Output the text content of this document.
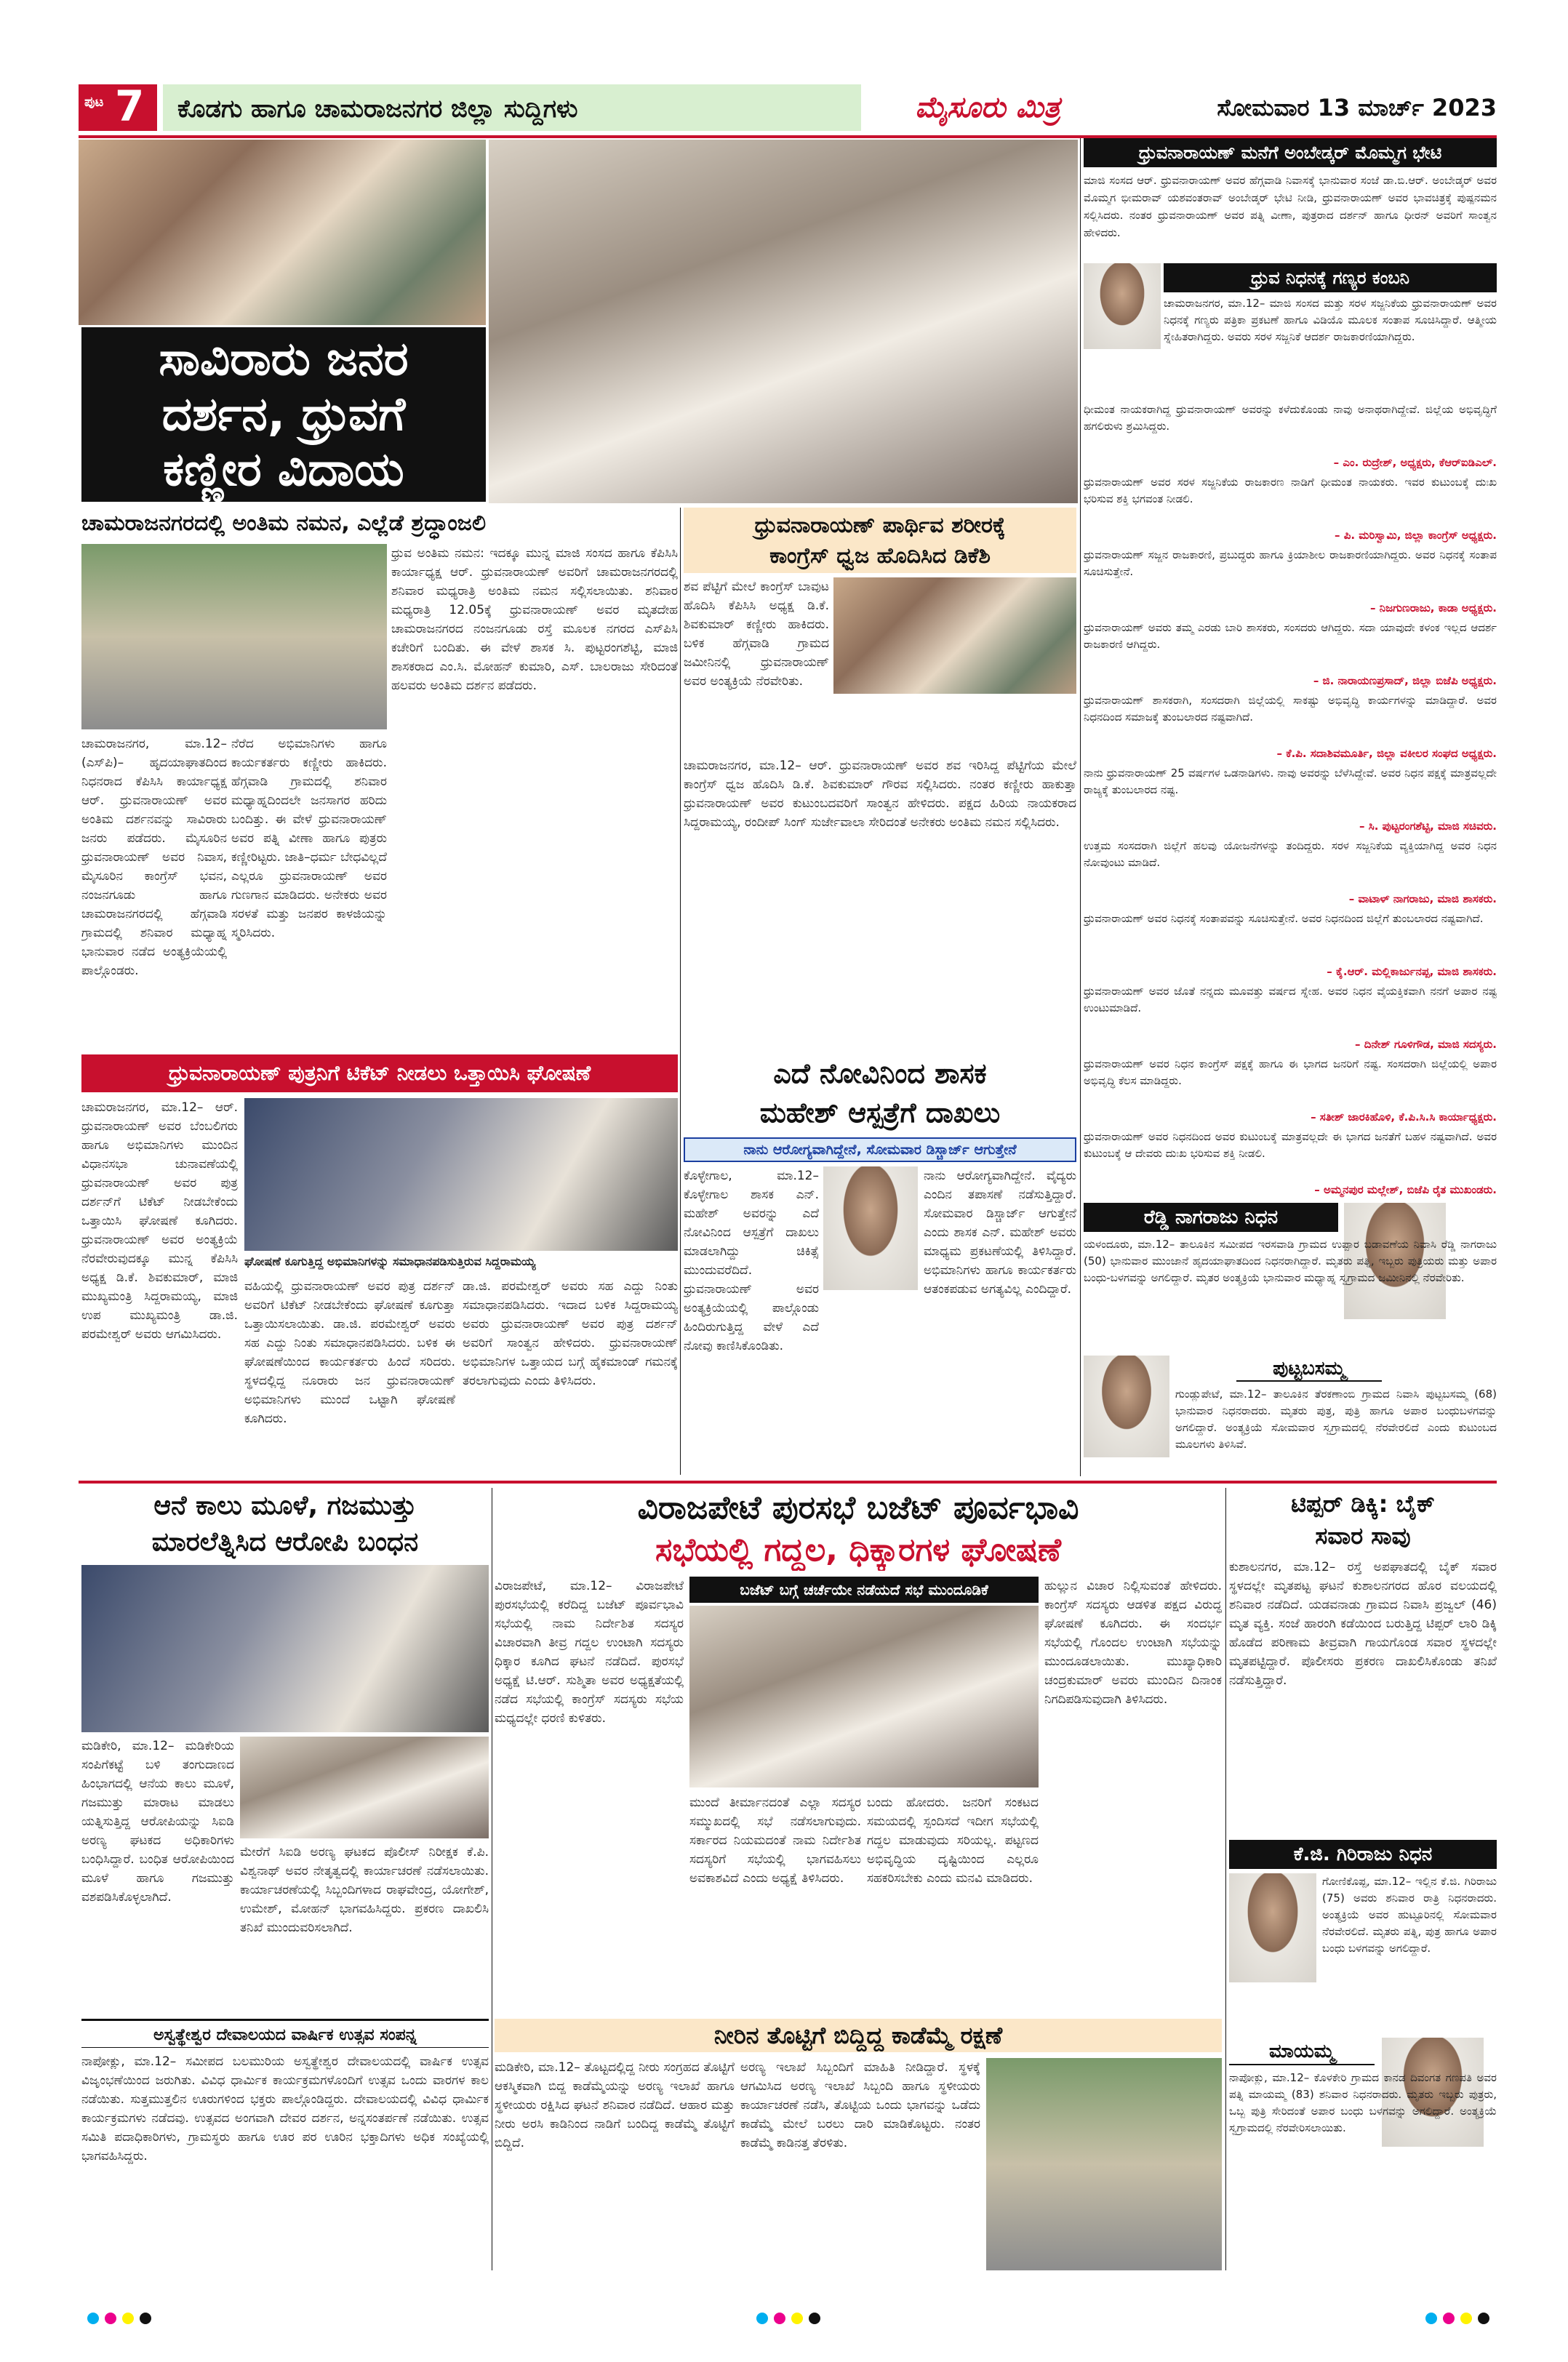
ಪುಟ 7 ಕೊಡಗು ಹಾಗೂ ಚಾಮರಾಜನಗರ ಜಿಲ್ಲಾ ಸುದ್ದಿಗಳು	ಮೈಸೂರು ಮಿತ್ರ	ಸೋಮವಾರ 13 ಮಾರ್ಚ್ 2023
ಸಾವಿರಾರು ಜನರ
ದರ್ಶನ, ಧ್ರುವಗೆ
ಕಣ್ಣೀರ ವಿದಾಯ
ಚಾಮರಾಜನಗರದಲ್ಲಿ ಅಂತಿಮ ನಮನ, ಎಲ್ಲೆಡೆ ಶ್ರದ್ಧಾಂಜಲಿ
ಧ್ರುವ ಅಂತಿಮ ನಮನ: ಇದಕ್ಕೂ ಮುನ್ನ ಮಾಜಿ ಸಂಸದ ಹಾಗೂ ಕೆಪಿಸಿಸಿ ಕಾರ್ಯಾಧ್ಯಕ್ಷ ಆರ್. ಧ್ರುವನಾರಾಯಣ್ ಅವರಿಗೆ ಚಾಮರಾಜನಗರದಲ್ಲಿ ಶನಿವಾರ ಮಧ್ಯರಾತ್ರಿ ಅಂತಿಮ ನಮನ ಸಲ್ಲಿಸಲಾಯಿತು. ಶನಿವಾರ ಮಧ್ಯರಾತ್ರಿ 12.05ಕ್ಕೆ ಧ್ರುವನಾರಾಯಣ್ ಅವರ ಮೃತದೇಹ ಚಾಮರಾಜನಗರದ ನಂಜನಗೂಡು ರಸ್ತೆ ಮೂಲಕ ನಗರದ ಎಸ್‌ಪಿಸಿ ಕಚೇರಿಗೆ ಬಂದಿತು. ಈ ವೇಳೆ ಶಾಸಕ ಸಿ. ಪುಟ್ಟರಂಗಶೆಟ್ಟಿ, ಮಾಜಿ ಶಾಸಕರಾದ ಎಂ.ಸಿ. ಮೋಹನ್ ಕುಮಾರಿ, ಎಸ್. ಬಾಲರಾಜು ಸೇರಿದಂತೆ ಹಲವರು ಅಂತಿಮ ದರ್ಶನ ಪಡೆದರು.
ಚಾಮರಾಜನಗರ, ಮಾ.12–(ಎಸ್‌ಪಿ)– ಹೃದಯಾಘಾತದಿಂದ ನಿಧನರಾದ ಕೆಪಿಸಿಸಿ ಕಾರ್ಯಾಧ್ಯಕ್ಷ ಆರ್. ಧ್ರುವನಾರಾಯಣ್ ಅವರ ಅಂತಿಮ ದರ್ಶನವನ್ನು ಸಾವಿರಾರು ಜನರು ಪಡೆದರು. ಮೈಸೂರಿನ ಧ್ರುವನಾರಾಯಣ್ ಅವರ ನಿವಾಸ, ಮೈಸೂರಿನ ಕಾಂಗ್ರೆಸ್ ಭವನ, ನಂಜನಗೂಡು ಹಾಗೂ ಚಾಮರಾಜನಗರದಲ್ಲಿ ಹೆಗ್ಗವಾಡಿ ಗ್ರಾಮದಲ್ಲಿ ಶನಿವಾರ ಮಧ್ಯಾಹ್ನ ಭಾನುವಾರ ನಡೆದ ಅಂತ್ಯಕ್ರಿಯೆಯಲ್ಲಿ ಪಾಲ್ಗೊಂಡರು.
ನೆರೆದ ಅಭಿಮಾನಿಗಳು ಹಾಗೂ ಕಾರ್ಯಕರ್ತರು ಕಣ್ಣೀರು ಹಾಕಿದರು. ಹೆಗ್ಗವಾಡಿ ಗ್ರಾಮದಲ್ಲಿ ಶನಿವಾರ ಮಧ್ಯಾಹ್ನದಿಂದಲೇ ಜನಸಾಗರ ಹರಿದು ಬಂದಿತ್ತು. ಈ ವೇಳೆ ಧ್ರುವನಾರಾಯಣ್ ಅವರ ಪತ್ನಿ ವೀಣಾ ಹಾಗೂ ಪುತ್ರರು ಕಣ್ಣೀರಿಟ್ಟರು. ಜಾತಿ–ಧರ್ಮ ಬೇಧವಿಲ್ಲದೆ ಎಲ್ಲರೂ ಧ್ರುವನಾರಾಯಣ್ ಅವರ ಗುಣಗಾನ ಮಾಡಿದರು. ಅನೇಕರು ಅವರ ಸರಳತೆ ಮತ್ತು ಜನಪರ ಕಾಳಜಿಯನ್ನು ಸ್ಮರಿಸಿದರು.
ಧ್ರುವನಾರಾಯಣ್ ಪಾರ್ಥಿವ ಶರೀರಕ್ಕೆ
ಕಾಂಗ್ರೆಸ್ ಧ್ವಜ ಹೊದಿಸಿದ ಡಿಕೆಶಿ
ಶವ ಪೆಟ್ಟಿಗೆ ಮೇಲೆ ಕಾಂಗ್ರೆಸ್ ಬಾವುಟ ಹೊದಿಸಿ ಕೆಪಿಸಿಸಿ ಅಧ್ಯಕ್ಷ ಡಿ.ಕೆ. ಶಿವಕುಮಾರ್ ಕಣ್ಣೀರು ಹಾಕಿದರು. ಬಳಿಕ ಹೆಗ್ಗವಾಡಿ ಗ್ರಾಮದ ಜಮೀನಿನಲ್ಲಿ ಧ್ರುವನಾರಾಯಣ್ ಅವರ ಅಂತ್ಯಕ್ರಿಯೆ ನೆರವೇರಿತು.
ಚಾಮರಾಜನಗರ, ಮಾ.12– ಆರ್. ಧ್ರುವನಾರಾಯಣ್ ಅವರ ಶವ ಇರಿಸಿದ್ದ ಪೆಟ್ಟಿಗೆಯ ಮೇಲೆ ಕಾಂಗ್ರೆಸ್ ಧ್ವಜ ಹೊದಿಸಿ ಡಿ.ಕೆ. ಶಿವಕುಮಾರ್ ಗೌರವ ಸಲ್ಲಿಸಿದರು. ನಂತರ ಕಣ್ಣೀರು ಹಾಕುತ್ತಾ ಧ್ರುವನಾರಾಯಣ್ ಅವರ ಕುಟುಂಬದವರಿಗೆ ಸಾಂತ್ವನ ಹೇಳಿದರು. ಪಕ್ಷದ ಹಿರಿಯ ನಾಯಕರಾದ ಸಿದ್ದರಾಮಯ್ಯ, ರಂದೀಪ್ ಸಿಂಗ್ ಸುರ್ಜೇವಾಲಾ ಸೇರಿದಂತೆ ಅನೇಕರು ಅಂತಿಮ ನಮನ ಸಲ್ಲಿಸಿದರು.
ಧ್ರುವನಾರಾಯಣ್ ಪುತ್ರನಿಗೆ ಟಿಕೆಟ್ ನೀಡಲು ಒತ್ತಾಯಿಸಿ ಘೋಷಣೆ
ಚಾಮರಾಜನಗರ, ಮಾ.12– ಆರ್. ಧ್ರುವನಾರಾಯಣ್ ಅವರ ಬೆಂಬಲಿಗರು ಹಾಗೂ ಅಭಿಮಾನಿಗಳು ಮುಂದಿನ ವಿಧಾನಸಭಾ ಚುನಾವಣೆಯಲ್ಲಿ ಧ್ರುವನಾರಾಯಣ್ ಅವರ ಪುತ್ರ ದರ್ಶನ್‌ಗೆ ಟಿಕೆಟ್ ನೀಡಬೇಕೆಂದು ಒತ್ತಾಯಿಸಿ ಘೋಷಣೆ ಕೂಗಿದರು. ಧ್ರುವನಾರಾಯಣ್ ಅವರ ಅಂತ್ಯಕ್ರಿಯೆ ನೆರವೇರುವುದಕ್ಕೂ ಮುನ್ನ ಕೆಪಿಸಿಸಿ ಅಧ್ಯಕ್ಷ ಡಿ.ಕೆ. ಶಿವಕುಮಾರ್, ಮಾಜಿ ಮುಖ್ಯಮಂತ್ರಿ ಸಿದ್ದರಾಮಯ್ಯ, ಮಾಜಿ ಉಪ ಮುಖ್ಯಮಂತ್ರಿ ಡಾ.ಜಿ. ಪರಮೇಶ್ವರ್ ಅವರು ಆಗಮಿಸಿದರು.
ಘೋಷಣೆ ಕೂಗುತ್ತಿದ್ದ ಅಭಿಮಾನಿಗಳನ್ನು ಸಮಾಧಾನಪಡಿಸುತ್ತಿರುವ ಸಿದ್ದರಾಮಯ್ಯ
ವಹಿಯಲ್ಲಿ ಧ್ರುವನಾರಾಯಣ್ ಅವರ ಪುತ್ರ ದರ್ಶನ್ ಅವರಿಗೆ ಟಿಕೆಟ್ ನೀಡಬೇಕೆಂದು ಘೋಷಣೆ ಕೂಗುತ್ತಾ ಒತ್ತಾಯಿಸಲಾಯಿತು. ಡಾ.ಜಿ. ಪರಮೇಶ್ವರ್ ಅವರು ಸಹ ಎದ್ದು ನಿಂತು ಸಮಾಧಾನಪಡಿಸಿದರು. ಬಳಿಕ ಈ ಘೋಷಣೆಯಿಂದ ಕಾರ್ಯಕರ್ತರು ಹಿಂದೆ ಸರಿದರು. ಸ್ಥಳದಲ್ಲಿದ್ದ ನೂರಾರು ಜನ ಧ್ರುವನಾರಾಯಣ್ ಅಭಿಮಾನಿಗಳು ಮುಂದೆ ಒಟ್ಟಾಗಿ ಘೋಷಣೆ ಕೂಗಿದರು.
ಡಾ.ಜಿ. ಪರಮೇಶ್ವರ್ ಅವರು ಸಹ ಎದ್ದು ನಿಂತು ಸಮಾಧಾನಪಡಿಸಿದರು. ಇದಾದ ಬಳಿಕ ಸಿದ್ದರಾಮಯ್ಯ ಅವರು ಧ್ರುವನಾರಾಯಣ್ ಅವರ ಪುತ್ರ ದರ್ಶನ್ ಅವರಿಗೆ ಸಾಂತ್ವನ ಹೇಳಿದರು. ಧ್ರುವನಾರಾಯಣ್ ಅಭಿಮಾನಿಗಳ ಒತ್ತಾಯದ ಬಗ್ಗೆ ಹೈಕಮಾಂಡ್ ಗಮನಕ್ಕೆ ತರಲಾಗುವುದು ಎಂದು ತಿಳಿಸಿದರು.
ಎದೆ ನೋವಿನಿಂದ ಶಾಸಕ
ಮಹೇಶ್ ಆಸ್ಪತ್ರೆಗೆ ದಾಖಲು
ನಾನು ಆರೋಗ್ಯವಾಗಿದ್ದೇನೆ, ಸೋಮವಾರ ಡಿಸ್ಚಾರ್ಜ್ ಆಗುತ್ತೇನೆ
ಕೊಳ್ಳೇಗಾಲ, ಮಾ.12– ಕೊಳ್ಳೇಗಾಲ ಶಾಸಕ ಎನ್. ಮಹೇಶ್ ಅವರನ್ನು ಎದೆ ನೋವಿನಿಂದ ಆಸ್ಪತ್ರೆಗೆ ದಾಖಲು ಮಾಡಲಾಗಿದ್ದು ಚಿಕಿತ್ಸೆ ಮುಂದುವರೆದಿದೆ. ಧ್ರುವನಾರಾಯಣ್ ಅವರ ಅಂತ್ಯಕ್ರಿಯೆಯಲ್ಲಿ ಪಾಲ್ಗೊಂಡು ಹಿಂದಿರುಗುತ್ತಿದ್ದ ವೇಳೆ ಎದೆ ನೋವು ಕಾಣಿಸಿಕೊಂಡಿತು.
ನಾನು ಆರೋಗ್ಯವಾಗಿದ್ದೇನೆ. ವೈದ್ಯರು ಎಂದಿನ ತಪಾಸಣೆ ನಡೆಸುತ್ತಿದ್ದಾರೆ. ಸೋಮವಾರ ಡಿಸ್ಚಾರ್ಜ್ ಆಗುತ್ತೇನೆ ಎಂದು ಶಾಸಕ ಎನ್. ಮಹೇಶ್ ಅವರು ಮಾಧ್ಯಮ ಪ್ರಕಟಣೆಯಲ್ಲಿ ತಿಳಿಸಿದ್ದಾರೆ. ಅಭಿಮಾನಿಗಳು ಹಾಗೂ ಕಾರ್ಯಕರ್ತರು ಆತಂಕಪಡುವ ಅಗತ್ಯವಿಲ್ಲ ಎಂದಿದ್ದಾರೆ.
ಧ್ರುವನಾರಾಯಣ್ ಮನೆಗೆ ಅಂಬೇಡ್ಕರ್ ಮೊಮ್ಮಗ ಭೇಟಿ
ಮಾಜಿ ಸಂಸದ ಆರ್. ಧ್ರುವನಾರಾಯಣ್ ಅವರ ಹೆಗ್ಗವಾಡಿ ನಿವಾಸಕ್ಕೆ ಭಾನುವಾರ ಸಂಜೆ ಡಾ.ಬಿ.ಆರ್. ಅಂಬೇಡ್ಕರ್ ಅವರ ಮೊಮ್ಮಗ ಭೀಮರಾವ್ ಯಶವಂತರಾವ್ ಅಂಬೇಡ್ಕರ್ ಭೇಟಿ ನೀಡಿ, ಧ್ರುವನಾರಾಯಣ್ ಅವರ ಭಾವಚಿತ್ರಕ್ಕೆ ಪುಷ್ಪನಮನ ಸಲ್ಲಿಸಿದರು. ನಂತರ ಧ್ರುವನಾರಾಯಣ್ ಅವರ ಪತ್ನಿ ವೀಣಾ, ಪುತ್ರರಾದ ದರ್ಶನ್ ಹಾಗೂ ಧೀರನ್ ಅವರಿಗೆ ಸಾಂತ್ವನ ಹೇಳಿದರು.
ಧ್ರುವ ನಿಧನಕ್ಕೆ ಗಣ್ಯರ ಕಂಬನಿ
ಚಾಮರಾಜನಗರ, ಮಾ.12– ಮಾಜಿ ಸಂಸದ ಮತ್ತು ಸರಳ ಸಜ್ಜನಿಕೆಯ ಧ್ರುವನಾರಾಯಣ್ ಅವರ ನಿಧನಕ್ಕೆ ಗಣ್ಯರು ಪತ್ರಿಕಾ ಪ್ರಕಟಣೆ ಹಾಗೂ ವಿಡಿಯೊ ಮೂಲಕ ಸಂತಾಪ ಸೂಚಿಸಿದ್ದಾರೆ. ಆತ್ಮೀಯ ಸ್ನೇಹಿತರಾಗಿದ್ದರು. ಅವರು ಸರಳ ಸಜ್ಜನಿಕೆ ಆದರ್ಶ ರಾಜಕಾರಣಿಯಾಗಿದ್ದರು.
ಧೀಮಂತ ನಾಯಕರಾಗಿದ್ದ ಧ್ರುವನಾರಾಯಣ್ ಅವರನ್ನು ಕಳೆದುಕೊಂಡು ನಾವು ಅನಾಥರಾಗಿದ್ದೇವೆ. ಜಿಲ್ಲೆಯ ಅಭಿವೃದ್ಧಿಗೆ ಹಗಲಿರುಳು ಶ್ರಮಿಸಿದ್ದರು.
– ಎಂ. ರುದ್ರೇಶ್, ಅಧ್ಯಕ್ಷರು, ಕೆಆರ್‌ಐಡಿಎಲ್.
ಧ್ರುವನಾರಾಯಣ್ ಅವರ ಸರಳ ಸಜ್ಜನಿಕೆಯ ರಾಜಕಾರಣ ನಾಡಿಗೆ ಧೀಮಂತ ನಾಯಕರು. ಇವರ ಕುಟುಂಬಕ್ಕೆ ದುಃಖ ಭರಿಸುವ ಶಕ್ತಿ ಭಗವಂತ ನೀಡಲಿ.
– ಪಿ. ಮರಿಸ್ವಾಮಿ, ಜಿಲ್ಲಾ ಕಾಂಗ್ರೆಸ್ ಅಧ್ಯಕ್ಷರು.
ಧ್ರುವನಾರಾಯಣ್ ಸಜ್ಜನ ರಾಜಕಾರಣಿ, ಪ್ರಬುದ್ಧರು ಹಾಗೂ ಕ್ರಿಯಾಶೀಲ ರಾಜಕಾರಣಿಯಾಗಿದ್ದರು. ಅವರ ನಿಧನಕ್ಕೆ ಸಂತಾಪ ಸೂಚಿಸುತ್ತೇನೆ.
– ನಿಜಗುಣರಾಜು, ಕಾಡಾ ಅಧ್ಯಕ್ಷರು.
ಧ್ರುವನಾರಾಯಣ್ ಅವರು ತಮ್ಮ ಎರಡು ಬಾರಿ ಶಾಸಕರು, ಸಂಸದರು ಆಗಿದ್ದರು. ಸದಾ ಯಾವುದೇ ಕಳಂಕ ಇಲ್ಲದ ಆದರ್ಶ ರಾಜಕಾರಣಿ ಆಗಿದ್ದರು.
– ಜಿ. ನಾರಾಯಣಪ್ರಸಾದ್, ಜಿಲ್ಲಾ ಬಿಜೆಪಿ ಅಧ್ಯಕ್ಷರು.
ಧ್ರುವನಾರಾಯಣ್ ಶಾಸಕರಾಗಿ, ಸಂಸದರಾಗಿ ಜಿಲ್ಲೆಯಲ್ಲಿ ಸಾಕಷ್ಟು ಅಭಿವೃದ್ಧಿ ಕಾರ್ಯಗಳನ್ನು ಮಾಡಿದ್ದಾರೆ. ಅವರ ನಿಧನದಿಂದ ಸಮಾಜಕ್ಕೆ ತುಂಬಲಾರದ ನಷ್ಟವಾಗಿದೆ.
– ಕೆ.ಪಿ. ಸದಾಶಿವಮೂರ್ತಿ, ಜಿಲ್ಲಾ ವಕೀಲರ ಸಂಘದ ಅಧ್ಯಕ್ಷರು.
ನಾನು ಧ್ರುವನಾರಾಯಣ್ 25 ವರ್ಷಗಳ ಒಡನಾಡಿಗಳು. ನಾವು ಅವರನ್ನು ಬೆಳೆಸಿದ್ದೇವೆ. ಅವರ ನಿಧನ ಪಕ್ಷಕ್ಕೆ ಮಾತ್ರವಲ್ಲದೇ ರಾಜ್ಯಕ್ಕೆ ತುಂಬಲಾರದ ನಷ್ಟ.
– ಸಿ. ಪುಟ್ಟರಂಗಶೆಟ್ಟಿ, ಮಾಜಿ ಸಚಿವರು.
ಉತ್ತಮ ಸಂಸದರಾಗಿ ಜಿಲ್ಲೆಗೆ ಹಲವು ಯೋಜನೆಗಳನ್ನು ತಂದಿದ್ದರು. ಸರಳ ಸಜ್ಜನಿಕೆಯ ವ್ಯಕ್ತಿಯಾಗಿದ್ದ ಅವರ ನಿಧನ ನೋವುಂಟು ಮಾಡಿದೆ.
– ವಾಟಾಳ್ ನಾಗರಾಜು, ಮಾಜಿ ಶಾಸಕರು.
ಧ್ರುವನಾರಾಯಣ್ ಅವರ ನಿಧನಕ್ಕೆ ಸಂತಾಪವನ್ನು ಸೂಚಿಸುತ್ತೇನೆ. ಅವರ ನಿಧನದಿಂದ ಜಿಲ್ಲೆಗೆ ತುಂಬಲಾರದ ನಷ್ಟವಾಗಿದೆ.
– ಕೈ.ಆರ್. ಮಲ್ಲಿಕಾರ್ಜುನಪ್ಪ, ಮಾಜಿ ಶಾಸಕರು.
ಧ್ರುವನಾರಾಯಣ್ ಅವರ ಜೊತೆ ನನ್ನದು ಮೂವತ್ತು ವರ್ಷದ ಸ್ನೇಹ. ಅವರ ನಿಧನ ವೈಯಕ್ತಿಕವಾಗಿ ನನಗೆ ಅಪಾರ ನಷ್ಟ ಉಂಟುಮಾಡಿದೆ.
– ದಿನೇಶ್ ಗೂಳಿಗೌಡ, ಮಾಜಿ ಸದಸ್ಯರು.
ಧ್ರುವನಾರಾಯಣ್ ಅವರ ನಿಧನ ಕಾಂಗ್ರೆಸ್ ಪಕ್ಷಕ್ಕೆ ಹಾಗೂ ಈ ಭಾಗದ ಜನರಿಗೆ ನಷ್ಟ. ಸಂಸದರಾಗಿ ಜಿಲ್ಲೆಯಲ್ಲಿ ಅಪಾರ ಅಭಿವೃದ್ಧಿ ಕೆಲಸ ಮಾಡಿದ್ದರು.
– ಸತೀಶ್ ಜಾರಕಿಹೊಳಿ, ಕೆ.ಪಿ.ಸಿ.ಸಿ ಕಾರ್ಯಾಧ್ಯಕ್ಷರು.
ಧ್ರುವನಾರಾಯಣ್ ಅವರ ನಿಧನದಿಂದ ಅವರ ಕುಟುಂಬಕ್ಕೆ ಮಾತ್ರವಲ್ಲದೇ ಈ ಭಾಗದ ಜನತೆಗೆ ಬಹಳ ನಷ್ಟವಾಗಿದೆ. ಅವರ ಕುಟುಂಬಕ್ಕೆ ಆ ದೇವರು ದುಃಖ ಭರಿಸುವ ಶಕ್ತಿ ನೀಡಲಿ.
– ಅಮ್ಮನಪುರ ಮಲ್ಲೇಶ್, ಬಿಜೆಪಿ ರೈತ ಮುಖಂಡರು.
ರೆಡ್ಡಿ ನಾಗರಾಜು ನಿಧನ
ಯಳಂದೂರು, ಮಾ.12– ತಾಲೂಕಿನ ಸಮೀಪದ ಇರಸವಾಡಿ ಗ್ರಾಮದ ಉಪ್ಪಾರ ಬಡಾವಣೆಯ ನಿವಾಸಿ ರೆಡ್ಡಿ ನಾಗರಾಜು (50) ಭಾನುವಾರ ಮುಂಜಾನೆ ಹೃದಯಾಘಾತದಿಂದ ನಿಧನರಾಗಿದ್ದಾರೆ. ಮೃತರು ಪತ್ನಿ, ಇಬ್ಬರು ಪುತ್ರಿಯರು ಮತ್ತು ಅಪಾರ ಬಂಧು-ಬಳಗವನ್ನು ಅಗಲಿದ್ದಾರೆ. ಮೃತರ ಅಂತ್ಯಕ್ರಿಯೆ ಭಾನುವಾರ ಮಧ್ಯಾಹ್ನ ಸ್ವಗ್ರಾಮದ ಜಮೀನಿನಲ್ಲಿ ನೆರವೇರಿತು.
ಪುಟ್ಟಬಸಮ್ಮ
ಗುಂಡ್ಲುಪೇಟೆ, ಮಾ.12– ತಾಲೂಕಿನ ತೆರಕಣಾಂಬಿ ಗ್ರಾಮದ ನಿವಾಸಿ ಪುಟ್ಟಬಸಮ್ಮ (68) ಭಾನುವಾರ ನಿಧನರಾದರು. ಮೃತರು ಪುತ್ರ, ಪುತ್ರಿ ಹಾಗೂ ಅಪಾರ ಬಂಧುಬಳಗವನ್ನು ಅಗಲಿದ್ದಾರೆ. ಅಂತ್ಯಕ್ರಿಯೆ ಸೋಮವಾರ ಸ್ವಗ್ರಾಮದಲ್ಲಿ ನೆರವೇರಲಿದೆ ಎಂದು ಕುಟುಂಬದ ಮೂಲಗಳು ತಿಳಿಸಿವೆ.
ಆನೆ ಕಾಲು ಮೂಳೆ, ಗಜಮುತ್ತು
ಮಾರಲೆತ್ನಿಸಿದ ಆರೋಪಿ ಬಂಧನ
ಮಡಿಕೇರಿ, ಮಾ.12– ಮಡಿಕೇರಿಯ ಸಂಪಿಗೆಕಟ್ಟೆ ಬಳಿ ತಂಗುದಾಣದ ಹಿಂಭಾಗದಲ್ಲಿ ಆನೆಯ ಕಾಲು ಮೂಳೆ, ಗಜಮುತ್ತು ಮಾರಾಟ ಮಾಡಲು ಯತ್ನಿಸುತ್ತಿದ್ದ ಆರೋಪಿಯನ್ನು ಸಿಐಡಿ ಅರಣ್ಯ ಘಟಕದ ಅಧಿಕಾರಿಗಳು ಬಂಧಿಸಿದ್ದಾರೆ. ಬಂಧಿತ ಆರೋಪಿಯಿಂದ ಮೂಳೆ ಹಾಗೂ ಗಜಮುತ್ತು ವಶಪಡಿಸಿಕೊಳ್ಳಲಾಗಿದೆ.
ಮೇರೆಗೆ ಸಿಐಡಿ ಅರಣ್ಯ ಘಟಕದ ಪೊಲೀಸ್ ನಿರೀಕ್ಷಕ ಕೆ.ಪಿ. ವಿಶ್ವನಾಥ್ ಅವರ ನೇತೃತ್ವದಲ್ಲಿ ಕಾರ್ಯಾಚರಣೆ ನಡೆಸಲಾಯಿತು. ಕಾರ್ಯಾಚರಣೆಯಲ್ಲಿ ಸಿಬ್ಬಂದಿಗಳಾದ ರಾಘವೇಂದ್ರ, ಯೋಗೇಶ್, ಉಮೇಶ್, ಮೋಹನ್ ಭಾಗವಹಿಸಿದ್ದರು. ಪ್ರಕರಣ ದಾಖಲಿಸಿ ತನಿಖೆ ಮುಂದುವರಿಸಲಾಗಿದೆ.
ಅಸ್ವತ್ಥೇಶ್ವರ ದೇವಾಲಯದ ವಾರ್ಷಿಕ ಉತ್ಸವ ಸಂಪನ್ನ
ನಾಪೋಕ್ಲು, ಮಾ.12– ಸಮೀಪದ ಬಲಮುರಿಯ ಅಸ್ವತ್ಥೇಶ್ವರ ದೇವಾಲಯದಲ್ಲಿ ವಾರ್ಷಿಕ ಉತ್ಸವ ವಿಜೃಂಭಣೆಯಿಂದ ಜರುಗಿತು. ವಿವಿಧ ಧಾರ್ಮಿಕ ಕಾರ್ಯಕ್ರಮಗಳೊಂದಿಗೆ ಉತ್ಸವ ಒಂದು ವಾರಗಳ ಕಾಲ ನಡೆಯಿತು. ಸುತ್ತಮುತ್ತಲಿನ ಊರುಗಳಿಂದ ಭಕ್ತರು ಪಾಲ್ಗೊಂಡಿದ್ದರು. ದೇವಾಲಯದಲ್ಲಿ ವಿವಿಧ ಧಾರ್ಮಿಕ ಕಾರ್ಯಕ್ರಮಗಳು ನಡೆದವು. ಉತ್ಸವದ ಅಂಗವಾಗಿ ದೇವರ ದರ್ಶನ, ಅನ್ನಸಂತರ್ಪಣೆ ನಡೆಯಿತು. ಉತ್ಸವ ಸಮಿತಿ ಪದಾಧಿಕಾರಿಗಳು, ಗ್ರಾಮಸ್ಥರು ಹಾಗೂ ಊರ ಪರ ಊರಿನ ಭಕ್ತಾದಿಗಳು ಅಧಿಕ ಸಂಖ್ಯೆಯಲ್ಲಿ ಭಾಗವಹಿಸಿದ್ದರು.
ವಿರಾಜಪೇಟೆ ಪುರಸಭೆ ಬಜೆಟ್ ಪೂರ್ವಭಾವಿ
ಸಭೆಯಲ್ಲಿ ಗದ್ದಲ, ಧಿಕ್ಕಾರಗಳ ಘೋಷಣೆ
ವಿರಾಜಪೇಟೆ, ಮಾ.12– ವಿರಾಜಪೇಟೆ ಪುರಸಭೆಯಲ್ಲಿ ಕರೆದಿದ್ದ ಬಜೆಟ್ ಪೂರ್ವಭಾವಿ ಸಭೆಯಲ್ಲಿ ನಾಮ ನಿರ್ದೇಶಿತ ಸದಸ್ಯರ ವಿಚಾರವಾಗಿ ತೀವ್ರ ಗದ್ದಲ ಉಂಟಾಗಿ ಸದಸ್ಯರು ಧಿಕ್ಕಾರ ಕೂಗಿದ ಘಟನೆ ನಡೆದಿದೆ. ಪುರಸಭೆ ಅಧ್ಯಕ್ಷೆ ಟಿ.ಆರ್. ಸುಶ್ಮಿತಾ ಅವರ ಅಧ್ಯಕ್ಷತೆಯಲ್ಲಿ ನಡೆದ ಸಭೆಯಲ್ಲಿ ಕಾಂಗ್ರೆಸ್ ಸದಸ್ಯರು ಸಭೆಯ ಮಧ್ಯದಲ್ಲೇ ಧರಣಿ ಕುಳಿತರು.
ಬಜೆಟ್ ಬಗ್ಗೆ ಚರ್ಚೆಯೇ ನಡೆಯದೆ ಸಭೆ ಮುಂದೂಡಿಕೆ	ಹುಲ್ಲುನ ವಿಚಾರ ನಿಲ್ಲಿಸುವಂತೆ ಹೇಳಿದರು. ಕಾಂಗ್ರೆಸ್ ಸದಸ್ಯರು ಆಡಳಿತ ಪಕ್ಷದ ವಿರುದ್ಧ ಘೋಷಣೆ ಕೂಗಿದರು. ಈ ಸಂದರ್ಭ ಸಭೆಯಲ್ಲಿ ಗೊಂದಲ ಉಂಟಾಗಿ ಸಭೆಯನ್ನು ಮುಂದೂಡಲಾಯಿತು. ಮುಖ್ಯಾಧಿಕಾರಿ ಚಂದ್ರಕುಮಾರ್ ಅವರು ಮುಂದಿನ ದಿನಾಂಕ ನಿಗದಿಪಡಿಸುವುದಾಗಿ ತಿಳಿಸಿದರು.
ಮುಂದೆ ತೀರ್ಮಾನದಂತೆ ಎಲ್ಲಾ ಸದಸ್ಯರ ಸಮ್ಮುಖದಲ್ಲಿ ಸಭೆ ನಡೆಸಲಾಗುವುದು. ಸರ್ಕಾರದ ನಿಯಮದಂತೆ ನಾಮ ನಿರ್ದೇಶಿತ ಸದಸ್ಯರಿಗೆ ಸಭೆಯಲ್ಲಿ ಭಾಗವಹಿಸಲು ಅವಕಾಶವಿದೆ ಎಂದು ಅಧ್ಯಕ್ಷೆ ತಿಳಿಸಿದರು.
ಬಂದು ಹೋದರು. ಜನರಿಗೆ ಸಂಕಟದ ಸಮಯದಲ್ಲಿ ಸ್ಪಂದಿಸದೆ ಇದೀಗ ಸಭೆಯಲ್ಲಿ ಗದ್ದಲ ಮಾಡುವುದು ಸರಿಯಲ್ಲ. ಪಟ್ಟಣದ ಅಭಿವೃದ್ಧಿಯ ದೃಷ್ಟಿಯಿಂದ ಎಲ್ಲರೂ ಸಹಕರಿಸಬೇಕು ಎಂದು ಮನವಿ ಮಾಡಿದರು.
ನೀರಿನ ತೊಟ್ಟಿಗೆ ಬಿದ್ದಿದ್ದ ಕಾಡೆಮ್ಮೆ ರಕ್ಷಣೆ
ಮಡಿಕೇರಿ, ಮಾ.12– ತೊಟ್ಟದಲ್ಲಿದ್ದ ನೀರು ಸಂಗ್ರಹದ ತೊಟ್ಟಿಗೆ ಆಕಸ್ಮಿಕವಾಗಿ ಬಿದ್ದ ಕಾಡೆಮ್ಮೆಯನ್ನು ಅರಣ್ಯ ಇಲಾಖೆ ಹಾಗೂ ಸ್ಥಳೀಯರು ರಕ್ಷಿಸಿದ ಘಟನೆ ಶನಿವಾರ ನಡೆದಿದೆ. ಆಹಾರ ಮತ್ತು ನೀರು ಅರಸಿ ಕಾಡಿನಿಂದ ನಾಡಿಗೆ ಬಂದಿದ್ದ ಕಾಡೆಮ್ಮೆ ತೊಟ್ಟಿಗೆ ಬಿದ್ದಿದೆ.
ಅರಣ್ಯ ಇಲಾಖೆ ಸಿಬ್ಬಂದಿಗೆ ಮಾಹಿತಿ ನೀಡಿದ್ದಾರೆ. ಸ್ಥಳಕ್ಕೆ ಆಗಮಿಸಿದ ಅರಣ್ಯ ಇಲಾಖೆ ಸಿಬ್ಬಂದಿ ಹಾಗೂ ಸ್ಥಳೀಯರು ಕಾರ್ಯಾಚರಣೆ ನಡೆಸಿ, ತೊಟ್ಟಿಯ ಒಂದು ಭಾಗವನ್ನು ಒಡೆದು ಕಾಡೆಮ್ಮೆ ಮೇಲೆ ಬರಲು ದಾರಿ ಮಾಡಿಕೊಟ್ಟರು. ನಂತರ ಕಾಡೆಮ್ಮೆ ಕಾಡಿನತ್ತ ತೆರಳಿತು.
ಟಿಪ್ಪರ್ ಡಿಕ್ಕಿ: ಬೈಕ್
ಸವಾರ ಸಾವು
ಕುಶಾಲನಗರ, ಮಾ.12– ರಸ್ತೆ ಅಪಘಾತದಲ್ಲಿ ಬೈಕ್ ಸವಾರ ಸ್ಥಳದಲ್ಲೇ ಮೃತಪಟ್ಟ ಘಟನೆ ಕುಶಾಲನಗರದ ಹೊರ ವಲಯದಲ್ಲಿ ಶನಿವಾರ ನಡೆದಿದೆ. ಯಡವನಾಡು ಗ್ರಾಮದ ನಿವಾಸಿ ಪ್ರಜ್ವಲ್ (46) ಮೃತ ವ್ಯಕ್ತಿ. ಸಂಜೆ ಹಾರಂಗಿ ಕಡೆಯಿಂದ ಬರುತ್ತಿದ್ದ ಟಿಪ್ಪರ್ ಲಾರಿ ಡಿಕ್ಕಿ ಹೊಡೆದ ಪರಿಣಾಮ ತೀವ್ರವಾಗಿ ಗಾಯಗೊಂಡ ಸವಾರ ಸ್ಥಳದಲ್ಲೇ ಮೃತಪಟ್ಟಿದ್ದಾರೆ. ಪೊಲೀಸರು ಪ್ರಕರಣ ದಾಖಲಿಸಿಕೊಂಡು ತನಿಖೆ ನಡೆಸುತ್ತಿದ್ದಾರೆ.
ಕೆ.ಜಿ. ಗಿರಿರಾಜು ನಿಧನ
ಗೋಣಿಕೊಪ್ಪ, ಮಾ.12– ಇಲ್ಲಿನ ಕೆ.ಜಿ. ಗಿರಿರಾಜು (75) ಅವರು ಶನಿವಾರ ರಾತ್ರಿ ನಿಧನರಾದರು. ಅಂತ್ಯಕ್ರಿಯೆ ಅವರ ಹುಟ್ಟೂರಿನಲ್ಲಿ ಸೋಮವಾರ ನೆರವೇರಲಿದೆ. ಮೃತರು ಪತ್ನಿ, ಪುತ್ರ ಹಾಗೂ ಅಪಾರ ಬಂಧು ಬಳಗವನ್ನು ಅಗಲಿದ್ದಾರೆ.
ಮಾಯಮ್ಮ
ನಾಪೋಕ್ಲು, ಮಾ.12– ಕೊಳಕೇರಿ ಗ್ರಾಮದ ಕಾನಡ ದಿವಂಗತ ಗಣಪತಿ ಅವರ ಪತ್ನಿ ಮಾಯಮ್ಮ (83) ಶನಿವಾರ ನಿಧನರಾದರು. ಮೃತರು ಇಬ್ಬರು ಪುತ್ರರು, ಒಬ್ಬ ಪುತ್ರಿ ಸೇರಿದಂತೆ ಅಪಾರ ಬಂಧು ಬಳಗವನ್ನು ಅಗಲಿದ್ದಾರೆ. ಅಂತ್ಯಕ್ರಿಯೆ ಸ್ವಗ್ರಾಮದಲ್ಲಿ ನೆರವೇರಿಸಲಾಯಿತು.
